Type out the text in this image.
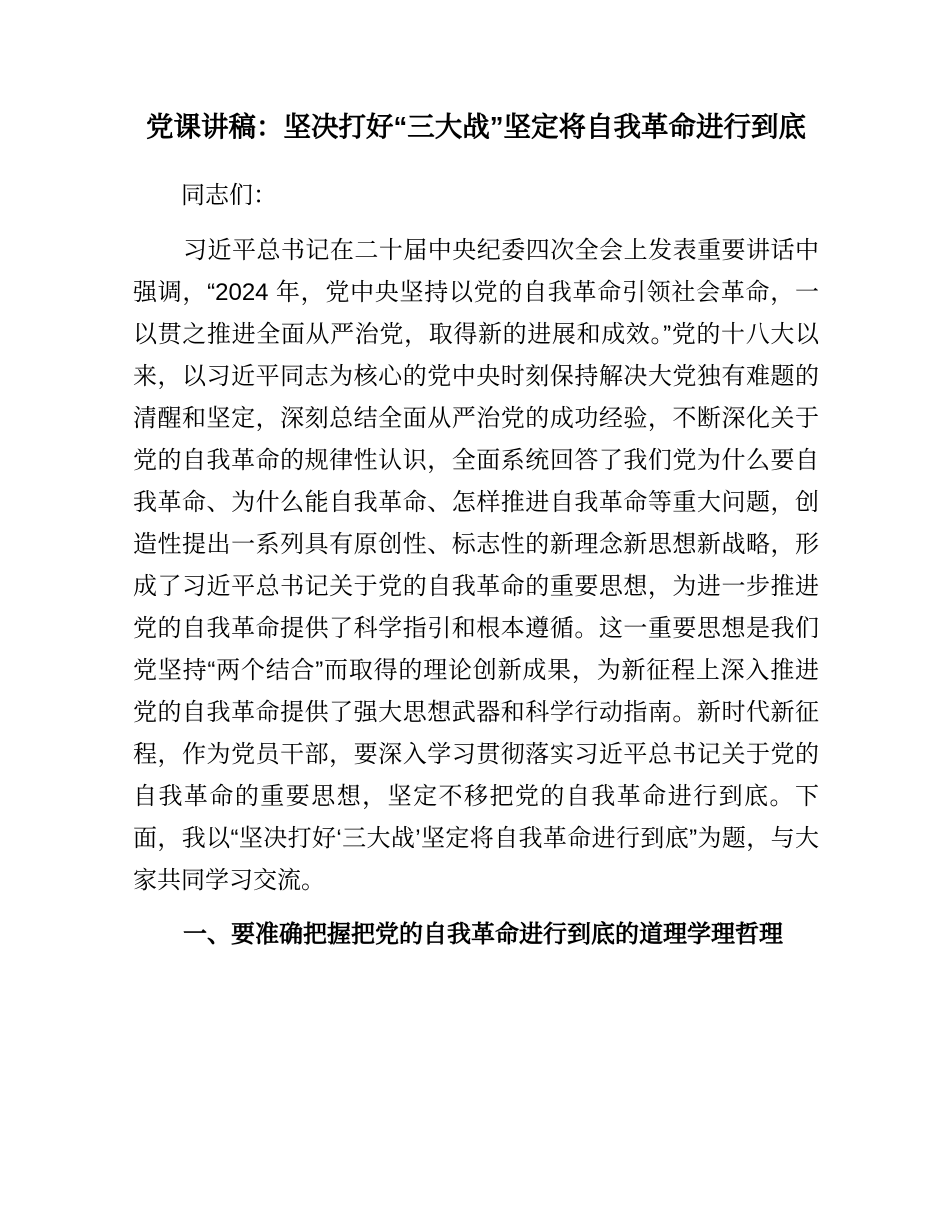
党课讲稿：坚决打好“三大战”坚定将自我革命进行到底

同志们：

习近平总书记在二十届中央纪委四次全会上发表重要讲话中强调，“2024 年，党中央坚持以党的自我革命引领社会革命，一以贯之推进全面从严治党，取得新的进展和成效。”党的十八大以来，以习近平同志为核心的党中央时刻保持解决大党独有难题的清醒和坚定，深刻总结全面从严治党的成功经验，不断深化关于党的自我革命的规律性认识，全面系统回答了我们党为什么要自我革命、为什么能自我革命、怎样推进自我革命等重大问题，创造性提出一系列具有原创性、标志性的新理念新思想新战略，形成了习近平总书记关于党的自我革命的重要思想，为进一步推进党的自我革命提供了科学指引和根本遵循。这一重要思想是我们党坚持“两个结合”而取得的理论创新成果，为新征程上深入推进党的自我革命提供了强大思想武器和科学行动指南。新时代新征程，作为党员干部，要深入学习贯彻落实习近平总书记关于党的自我革命的重要思想，坚定不移把党的自我革命进行到底。下面，我以“坚决打好‘三大战’坚定将自我革命进行到底”为题，与大家共同学习交流。

一、要准确把握把党的自我革命进行到底的道理学理哲理
